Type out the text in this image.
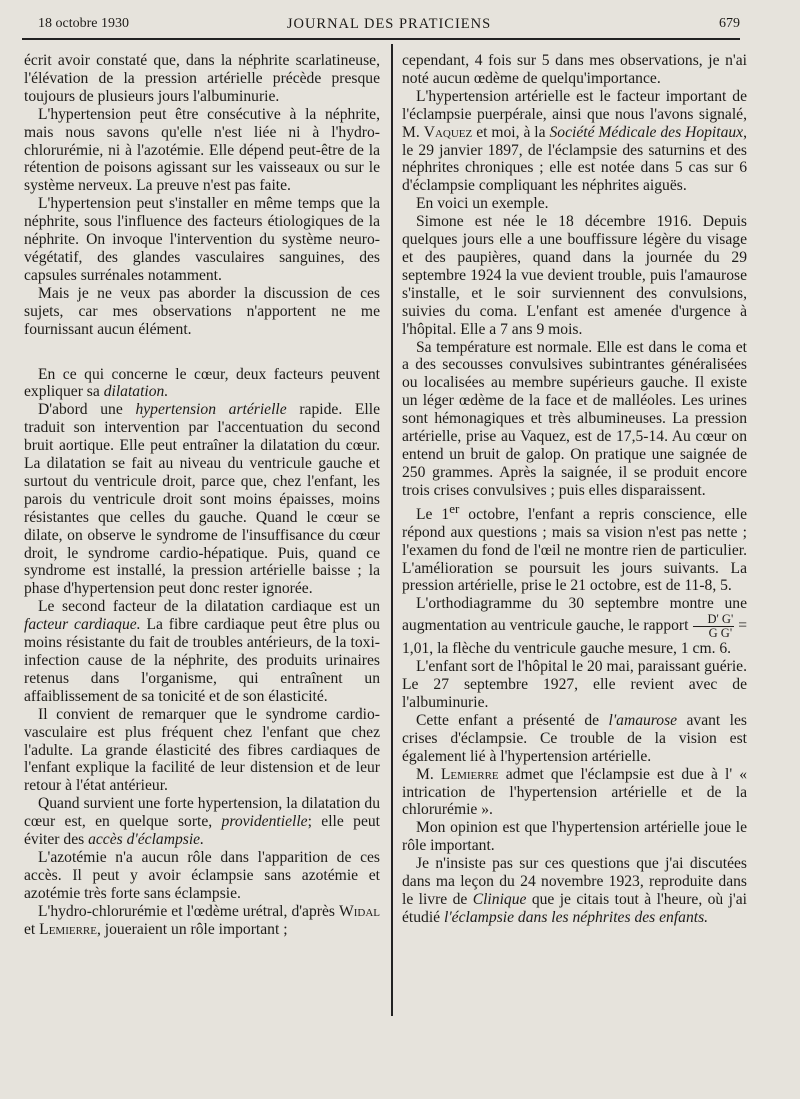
18 octobre 1930	JOURNAL DES PRATICIENS	679

écrit avoir constaté que, dans la néphrite scarlatineuse, l'élévation de la pression artérielle précède presque toujours de plusieurs jours l'albuminurie.

L'hypertension peut être consécutive à la néphrite, mais nous savons qu'elle n'est liée ni à l'hydro-chlorurémie, ni à l'azotémie. Elle dépend peut-être de la rétention de poisons agissant sur les vaisseaux ou sur le système nerveux. La preuve n'est pas faite.

L'hypertension peut s'installer en même temps que la néphrite, sous l'influence des facteurs étiologiques de la néphrite. On invoque l'intervention du système neuro-végétatif, des glandes vasculaires sanguines, des capsules surrénales notamment.

Mais je ne veux pas aborder la discussion de ces sujets, car mes observations n'apportent ne me fournissant aucun élément.

En ce qui concerne le cœur, deux facteurs peuvent expliquer sa dilatation.

D'abord une hypertension artérielle rapide. Elle traduit son intervention par l'accentuation du second bruit aortique. Elle peut entraîner la dilatation du cœur. La dilatation se fait au niveau du ventricule gauche et surtout du ventricule droit, parce que, chez l'enfant, les parois du ventricule droit sont moins épaisses, moins résistantes que celles du gauche. Quand le cœur se dilate, on observe le syndrome de l'insuffisance du cœur droit, le syndrome cardio-hépatique. Puis, quand ce syndrome est installé, la pression artérielle baisse ; la phase d'hypertension peut donc rester ignorée.

Le second facteur de la dilatation cardiaque est un facteur cardiaque. La fibre cardiaque peut être plus ou moins résistante du fait de troubles antérieurs, de la toxi-infection cause de la néphrite, des produits urinaires retenus dans l'organisme, qui entraînent un affaiblissement de sa tonicité et de son élasticité.

Il convient de remarquer que le syndrome cardio-vasculaire est plus fréquent chez l'enfant que chez l'adulte. La grande élasticité des fibres cardiaques de l'enfant explique la facilité de leur distension et de leur retour à l'état antérieur.

Quand survient une forte hypertension, la dilatation du cœur est, en quelque sorte, providentielle; elle peut éviter des accès d'éclampsie.

L'azotémie n'a aucun rôle dans l'apparition de ces accès. Il peut y avoir éclampsie sans azotémie et azotémie très forte sans éclampsie.

L'hydro-chlorurémie et l'œdème urétral, d'après Widal et Lemierre, joueraient un rôle important ;

cependant, 4 fois sur 5 dans mes observations, je n'ai noté aucun œdème de quelqu'importance.

L'hypertension artérielle est le facteur important de l'éclampsie puerpérale, ainsi que nous l'avons signalé, M. Vaquez et moi, à la Société Médicale des Hopitaux, le 29 janvier 1897, de l'éclampsie des saturnins et des néphrites chroniques ; elle est notée dans 5 cas sur 6 d'éclampsie compliquant les néphrites aiguës.

En voici un exemple.

Simone est née le 18 décembre 1916. Depuis quelques jours elle a une bouffissure légère du visage et des paupières, quand dans la journée du 29 septembre 1924 la vue devient trouble, puis l'amaurose s'installe, et le soir surviennent des convulsions, suivies du coma. L'enfant est amenée d'urgence à l'hôpital. Elle a 7 ans 9 mois.

Sa température est normale. Elle est dans le coma et a des secousses convulsives subintrantes généralisées ou localisées au membre supérieurs gauche. Il existe un léger œdème de la face et de malléoles. Les urines sont hémonagiques et très albumineuses. La pression artérielle, prise au Vaquez, est de 17,5-14. Au cœur on entend un bruit de galop. On pratique une saignée de 250 grammes. Après la saignée, il se produit encore trois crises convulsives ; puis elles disparaissent.

Le 1er octobre, l'enfant a repris conscience, elle répond aux questions ; mais sa vision n'est pas nette ; l'examen du fond de l'œil ne montre rien de particulier. L'amélioration se poursuit les jours suivants. La pression artérielle, prise le 21 octobre, est de 11-8, 5.

L'orthodiagramme du 30 septembre montre une augmentation au ventricule gauche, le rapport $\frac{D' G'}{\text{G G'}} = 1,01$, la flèche du ventricule gauche mesure, 1 cm. 6.

L'enfant sort de l'hôpital le 20 mai, paraissant guérie. Le 27 septembre 1927, elle revient avec de l'albuminurie.

Cette enfant a présenté de l'amaurose avant les crises d'éclampsie. Ce trouble de la vision est également lié à l'hypertension artérielle.

M. Lemierre admet que l'éclampsie est due à l' « intrication de l'hypertension artérielle et de la chlorurémie ».

Mon opinion est que l'hypertension artérielle joue le rôle important.

Je n'insiste pas sur ces questions que j'ai discutées dans ma leçon du 24 novembre 1923, reproduite dans le livre de Clinique que je citais tout à l'heure, où j'ai étudié l'éclampsie dans les néphrites des enfants.
